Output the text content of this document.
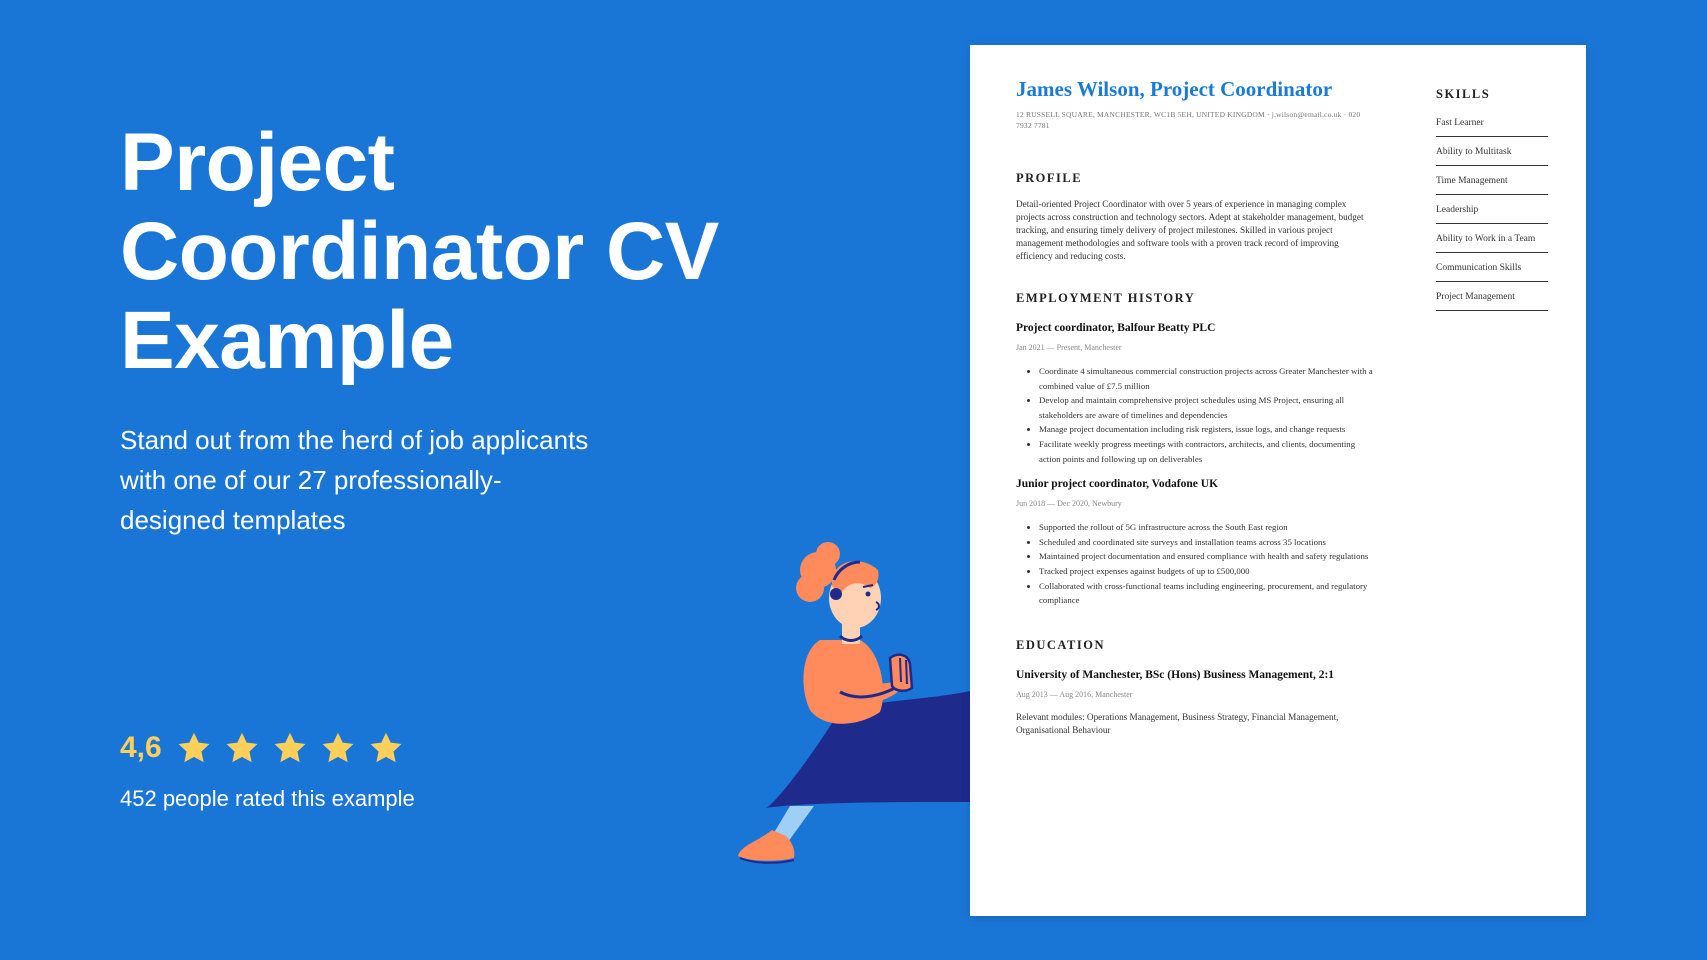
Project Coordinator CV Example

Stand out from the herd of job applicants with one of our 27 professionally-designed templates

4,6
452 people rated this example
James Wilson, Project Coordinator
12 RUSSELL SQUARE, MANCHESTER, WC1B 5EH, UNITED KINGDOM · j.wilson@email.co.uk · 020 7932 7781
PROFILE

Detail-oriented Project Coordinator with over 5 years of experience in managing complex projects across construction and technology sectors. Adept at stakeholder management, budget tracking, and ensuring timely delivery of project milestones. Skilled in various project management methodologies and software tools with a proven track record of improving efficiency and reducing costs.

EMPLOYMENT HISTORY
Project coordinator, Balfour Beatty PLC
Jan 2021 — Present, Manchester
• Coordinate 4 simultaneous commercial construction projects across Greater Manchester with a combined value of £7.5 million
• Develop and maintain comprehensive project schedules using MS Project, ensuring all stakeholders are aware of timelines and dependencies
• Manage project documentation including risk registers, issue logs, and change requests
• Facilitate weekly progress meetings with contractors, architects, and clients, documenting action points and following up on deliverables
Junior project coordinator, Vodafone UK
Jun 2018 — Dec 2020, Newbury
• Supported the rollout of 5G infrastructure across the South East region
• Scheduled and coordinated site surveys and installation teams across 35 locations
• Maintained project documentation and ensured compliance with health and safety regulations
• Tracked project expenses against budgets of up to £500,000
• Collaborated with cross-functional teams including engineering, procurement, and regulatory compliance
EDUCATION
University of Manchester, BSc (Hons) Business Management, 2:1
Aug 2013 — Aug 2016, Manchester

Relevant modules: Operations Management, Business Strategy, Financial Management, Organisational Behaviour

SKILLS
Fast Learner
Ability to Multitask
Time Management
Leadership
Ability to Work in a Team
Communication Skills
Project Management
